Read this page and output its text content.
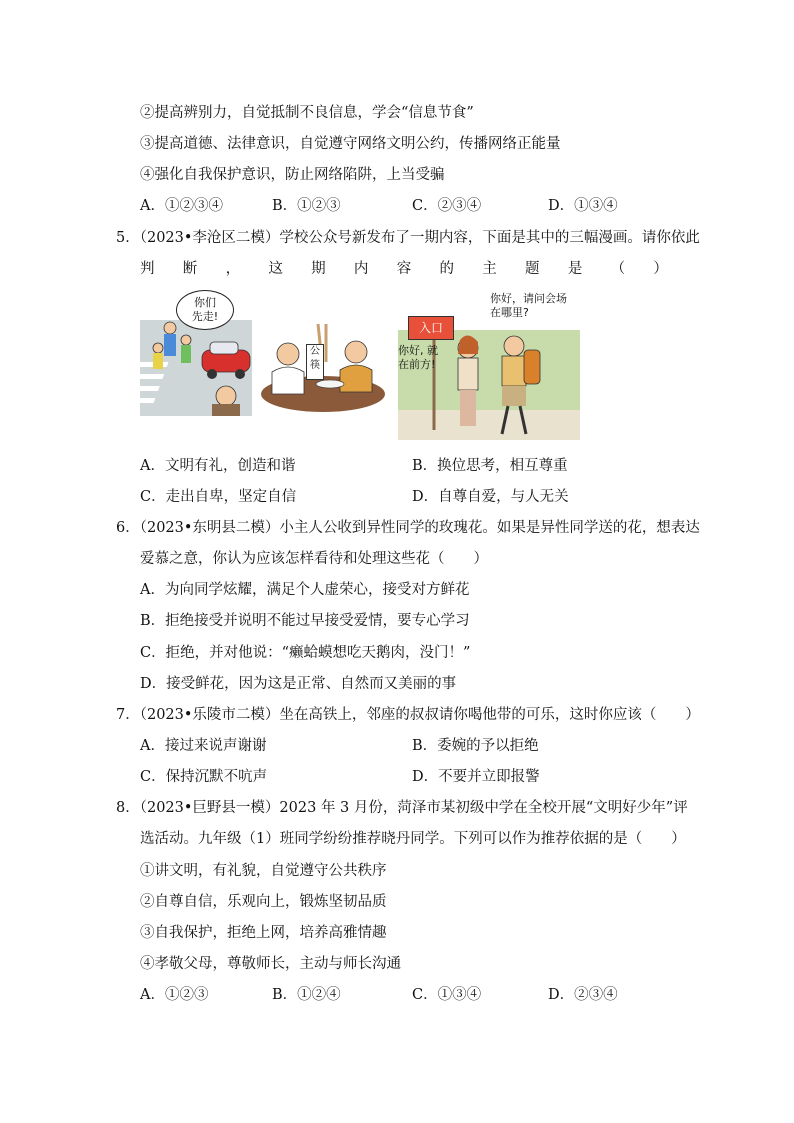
②提高辨别力，自觉抵制不良信息，学会“信息节食”
③提高道德、法律意识，自觉遵守网络文明公约，传播网络正能量
④强化自我保护意识，防止网络陷阱，上当受骗
A．①②③④	B．①②③	C．②③④	D．①③④
5．（2023•李沧区二模）学校公众号新发布了一期内容，下面是其中的三幅漫画。请你依此
判 断 ， 这 期 内 容 的 主 题 是 （ ）
你们
先走!
公
筷
入口
你好，请问会场
在哪里?
你好, 就
在前方!
A．文明有礼，创造和谐	B．换位思考，相互尊重
C．走出自卑，坚定自信	D．自尊自爱，与人无关
6．（2023•东明县二模）小主人公收到异性同学的玫瑰花。如果是异性同学送的花，想表达
爱慕之意，你认为应该怎样看待和处理这些花（　　）
A．为向同学炫耀，满足个人虚荣心，接受对方鲜花
B．拒绝接受并说明不能过早接受爱情，要专心学习
C．拒绝，并对他说：“癞蛤蟆想吃天鹅肉，没门！”
D．接受鲜花，因为这是正常、自然而又美丽的事
7．（2023•乐陵市二模）坐在高铁上，邻座的叔叔请你喝他带的可乐，这时你应该（　　）
A．接过来说声谢谢	B．委婉的予以拒绝
C．保持沉默不吭声	D．不要并立即报警
8．（2023•巨野县一模）2023 年 3 月份，菏泽市某初级中学在全校开展“文明好少年”评
选活动。九年级（1）班同学纷纷推荐晓丹同学。下列可以作为推荐依据的是（　　）
①讲文明，有礼貌，自觉遵守公共秩序
②自尊自信，乐观向上，锻炼坚韧品质
③自我保护，拒绝上网，培养高雅情趣
④孝敬父母，尊敬师长，主动与师长沟通
A．①②③	B．①②④	C．①③④	D．②③④
